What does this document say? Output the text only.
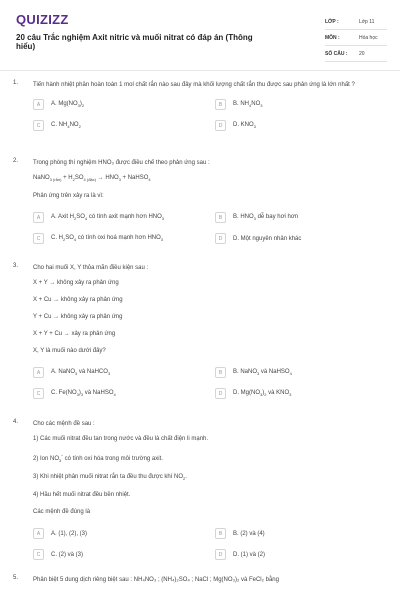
QUIZIZZ
20 câu Trắc nghiệm Axit nitric và muối nitrat có đáp án (Thông hiểu)
LỚP :	Lớp 11
MÔN :	Hóa học
SỐ CÂU :	20
1. Tiến hành nhiệt phân hoàn toàn 1 mol chất rắn nào sau đây mà khối lượng chất rắn thu được sau phản ứng là lớn nhất ?
A	A. $Mg(NO_3)_2$	B	B. $NH_4NO_3$
C	C. $NH_4NO_2$	D	D. $KNO_3$
2. Trong phòng thí nghiệm HNO₃ được điều chế theo phản ứng sau :
NaNO$_{3 (rắn)}$ + $H_2SO_{4 (đặc)} \to HNO_3$ + NaHSO$_4$
Phản ứng trên xảy ra là vì:
A	A. Axit $H_2SO_4$ có tính axit mạnh hơn $HNO_3$	B	B. $HNO_3$ dễ bay hơi hơn
C	C. $H_2SO_4$ có tính oxi hoá mạnh hơn $HNO_3$	D	D. Một nguyên nhân khác
3. Cho hai muối X, Y thỏa mãn điều kiện sau :
X + Y → không xảy ra phản ứng
X + Cu → không xảy ra phản ứng
Y + Cu → không xảy ra phản ứng
X + Y + Cu → xảy ra phản ứng
X, Y là muối nào dưới đây?
A	A. NaNO$_3$ và NaHCO$_3$	B	B. NaNO$_3$ và NaHSO$_4$
C	C. $Fe(NO_3)_3$ và NaHSO$_4$	D	D. $Mg(NO_3)_2$ và $KNO_3$
4. Cho các mệnh đề sau :
1) Các muối nitrat đều tan trong nước và đều là chất điện li mạnh.
2) Ion $NO_3^-$ có tính oxi hóa trong môi trường axit.
3) Khi nhiệt phân muối nitrat rắn ta đều thu được khí $NO_2$.
4) Hầu hết muối nitrat đều bền nhiệt.
Các mệnh đề đúng là
A	A. (1), (2), (3)	B	B. (2) và (4)
C	C. (2) và (3)	D	D. (1) và (2)
5. Phân biệt 5 dung dịch riêng biệt sau : NH₄NO₃ ; (NH₄)₂SO₄ ; NaCl ; Mg(NO₃)₂ và FeCl₂ bằng
